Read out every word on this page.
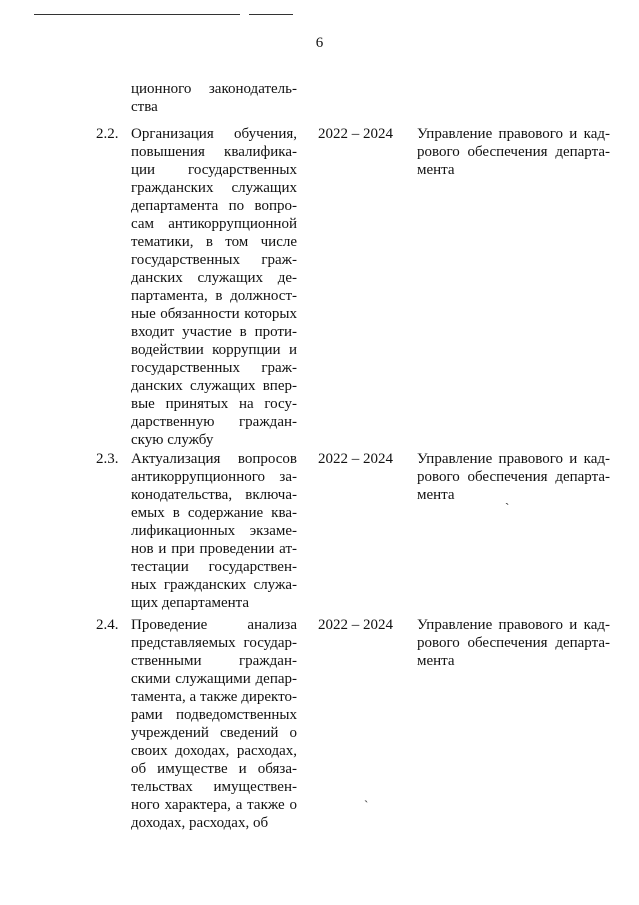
6
ционного законодатель-
ства
2.2. Организация обучения,
повышения квалифика-
ции государственных
гражданских служащих
департамента по вопро-
сам антикоррупционной
тематики, в том числе
государственных граж-
данских служащих де-
партамента, в должност-
ные обязанности которых
входит участие в проти-
водействии коррупции и
государственных граж-
данских служащих впер-
вые принятых на госу-
дарственную граждан-
скую службу
2022 – 2024 Управление правового и кад-
рового обеспечения департа-
мента
2.3. Актуализация вопросов
антикоррупционного за-
конодательства, включа-
емых в содержание ква-
лификационных экзаме-
нов и при проведении ат-
тестации государствен-
ных гражданских служа-
щих департамента
2022 – 2024 Управление правового и кад-
рового обеспечения департа-
мента
2.4. Проведение анализа
представляемых государ-
ственными граждан-
скими служащими депар-
тамента, а также директо-
рами подведомственных
учреждений сведений о
своих доходах, расходах,
об имуществе и обяза-
тельствах имуществен-
ного характера, а также о
доходах, расходах, об
2022 – 2024 Управление правового и кад-
рового обеспечения департа-
мента
ˋ
ˏ
